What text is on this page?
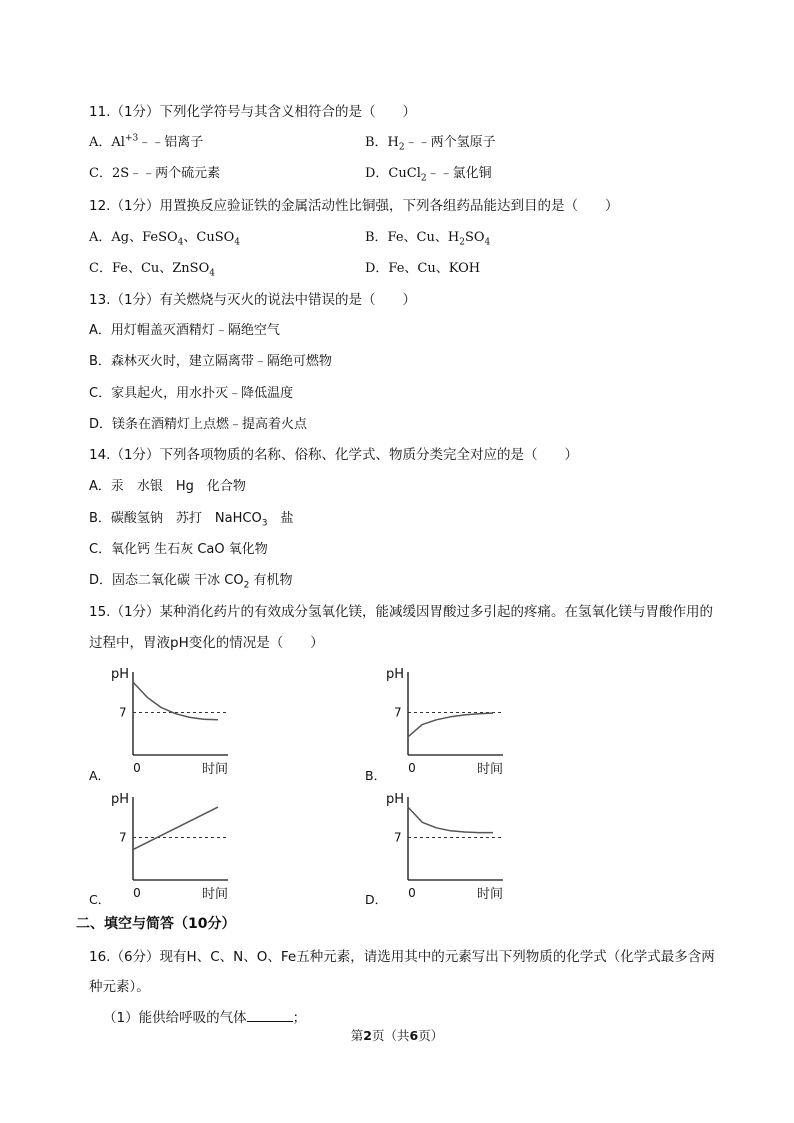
11.（1分）下列化学符号与其含义相符合的是（　　）
A．$Al^{+3}﹣﹣$铝离子	B．$H_2﹣﹣$两个氢原子
C．2S﹣﹣两个硫元素	D．CuCl$_2$﹣﹣氯化铜
12.（1分）用置换反应验证铁的金属活动性比铜强，下列各组药品能达到目的是（　　）
A．Ag、FeSO$_4$、CuSO$_4$	B．Fe、Cu、$H_2SO_4$
C．Fe、Cu、ZnSO$_4$	D．Fe、Cu、KOH
13.（1分）有关燃烧与灭火的说法中错误的是（　　）
A．用灯帽盖灭酒精灯﹣隔绝空气
B．森林灭火时，建立隔离带﹣隔绝可燃物
C．家具起火，用水扑灭﹣降低温度
D．镁条在酒精灯上点燃﹣提高着火点
14.（1分）下列各项物质的名称、俗称、化学式、物质分类完全对应的是（　　）
A．汞　水银　Hg　化合物
B．碳酸氢钠　苏打　NaHCO$_3$　盐
C．氧化钙 生石灰 CaO 氧化物
D．固态二氧化碳 干冰 $CO_2$ 有机物
15.（1分）某种消化药片的有效成分氢氧化镁，能减缓因胃酸过多引起的疼痛。在氢氧化镁与胃酸作用的
过程中，胃液pH变化的情况是（　　）
pH
7
0	时间
pH
7
0	时间
pH
7
0	时间
pH
7
0	时间
A．	B．
C．	D．
二、填空与简答（10分）
16.（6分）现有H、C、N、O、Fe五种元素，请选用其中的元素写出下列物质的化学式（化学式最多含两
种元素）。
（1）能供给呼吸的气体	；
第2页（共6页）
